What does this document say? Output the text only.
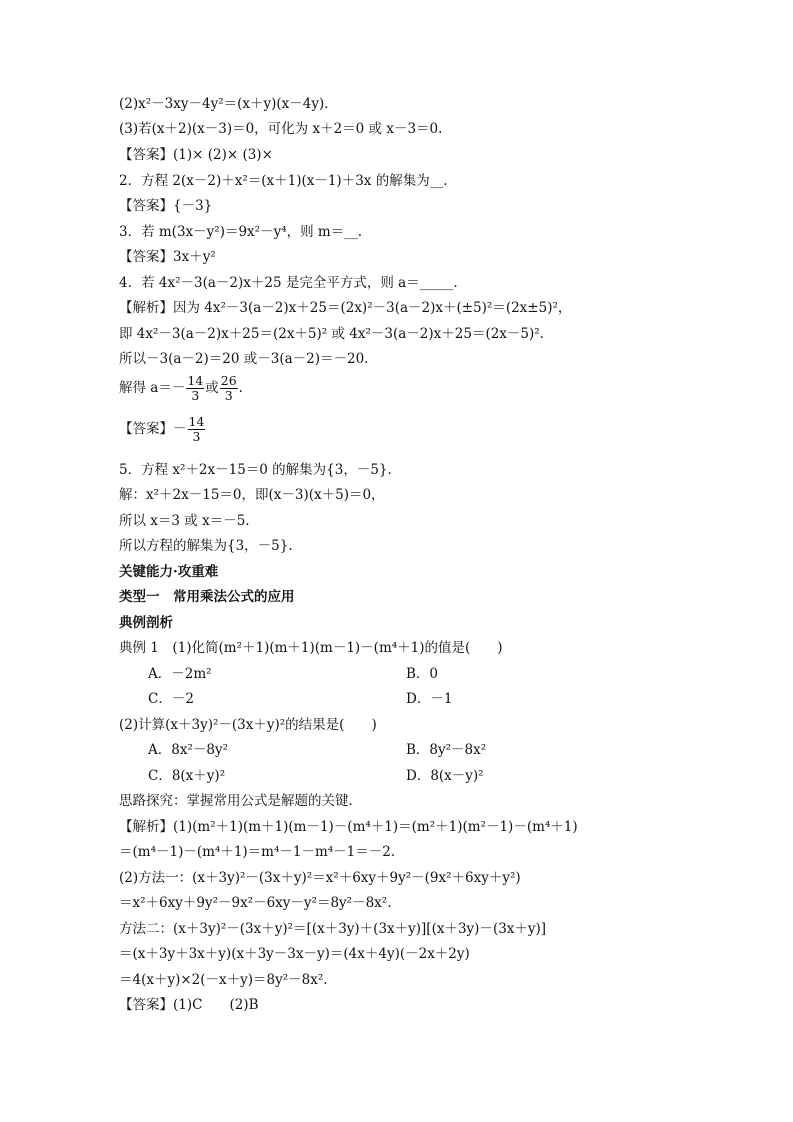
(2)x²－3xy－4y²＝(x＋y)(x－4y)．
(3)若(x＋2)(x－3)＝0，可化为 x＋2＝0 或 x－3＝0.
【答案】(1)× (2)× (3)×
2．方程 2(x－2)＋x²＝(x＋1)(x－1)＋3x 的解集为__.
【答案】{－3}
3．若 m(3x－y²)＝9x²－y⁴，则 m＝__.
【答案】3x＋y²
4．若 4x²－3(a－2)x＋25 是完全平方式，则 a＝_____.
【解析】因为 4x²－3(a－2)x＋25＝(2x)²－3(a－2)x＋(±5)²＝(2x±5)²，
即 4x²－3(a－2)x＋25＝(2x＋5)² 或 4x²－3(a－2)x＋25＝(2x－5)².
所以－3(a－2)＝20 或－3(a－2)＝－20.
解得 $a=- \frac{14}{3}$ 或 $\frac{26}{3}$ .
【答案】－ $\frac{14}{3}$
5．方程 x²＋2x－15＝0 的解集为{3，－5}.
解：x²＋2x－15＝0，即(x－3)(x＋5)＝0，
所以 x＝3 或 x＝－5.
所以方程的解集为{3，－5}.
关键能力·攻重难
类型一　常用乘法公式的应用
典例剖析
典例 1　(1)化简(m²＋1)(m＋1)(m－1)－(m⁴＋1)的值是(　　)
A．－2m²	B．0
C．－2	D．－1
(2)计算(x＋3y)²－(3x＋y)²的结果是(　　)
A．8x²－8y²	B．8y²－8x²
C．8(x＋y)²	D．8(x－y)²
思路探究：掌握常用公式是解题的关键．
【解析】(1)(m²＋1)(m＋1)(m－1)－(m⁴＋1)＝(m²＋1)(m²－1)－(m⁴＋1)
＝(m⁴－1)－(m⁴＋1)＝m⁴－1－m⁴－1＝－2.
(2)方法一：(x＋3y)²－(3x＋y)²＝x²＋6xy＋9y²－(9x²＋6xy＋y²)
＝x²＋6xy＋9y²－9x²－6xy－y²＝8y²－8x².
方法二：(x＋3y)²－(3x＋y)²＝[(x＋3y)＋(3x＋y)][(x＋3y)－(3x＋y)]
＝(x＋3y＋3x＋y)(x＋3y－3x－y)＝(4x＋4y)(－2x＋2y)
＝4(x＋y)×2(－x＋y)＝8y²－8x².
【答案】(1)C　　(2)B
